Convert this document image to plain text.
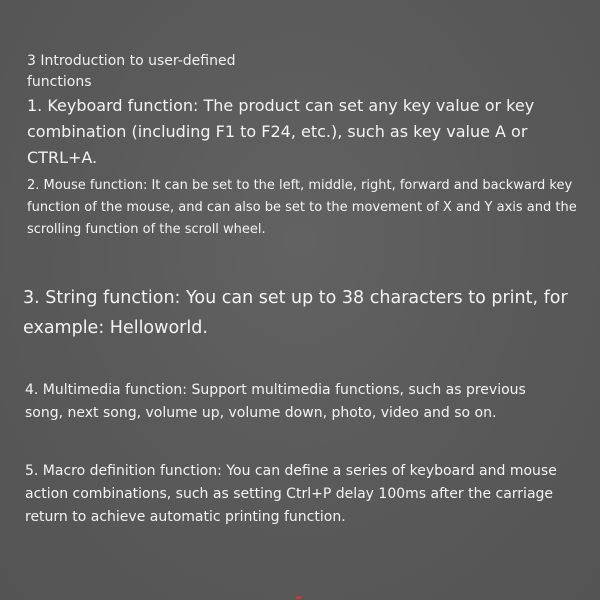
3 Introduction to user-defined functions
1. Keyboard function: The product can set any key value or key combination (including F1 to F24, etc.), such as key value A or CTRL+A.
2. Mouse function: It can be set to the left, middle, right, forward and backward key function of the mouse, and can also be set to the movement of X and Y axis and the scrolling function of the scroll wheel.
3. String function: You can set up to 38 characters to print, for example: Helloworld.
4. Multimedia function: Support multimedia functions, such as previous song, next song, volume up, volume down, photo, video and so on.
5. Macro definition function: You can define a series of keyboard and mouse action combinations, such as setting Ctrl+P delay 100ms after the carriage return to achieve automatic printing function.
